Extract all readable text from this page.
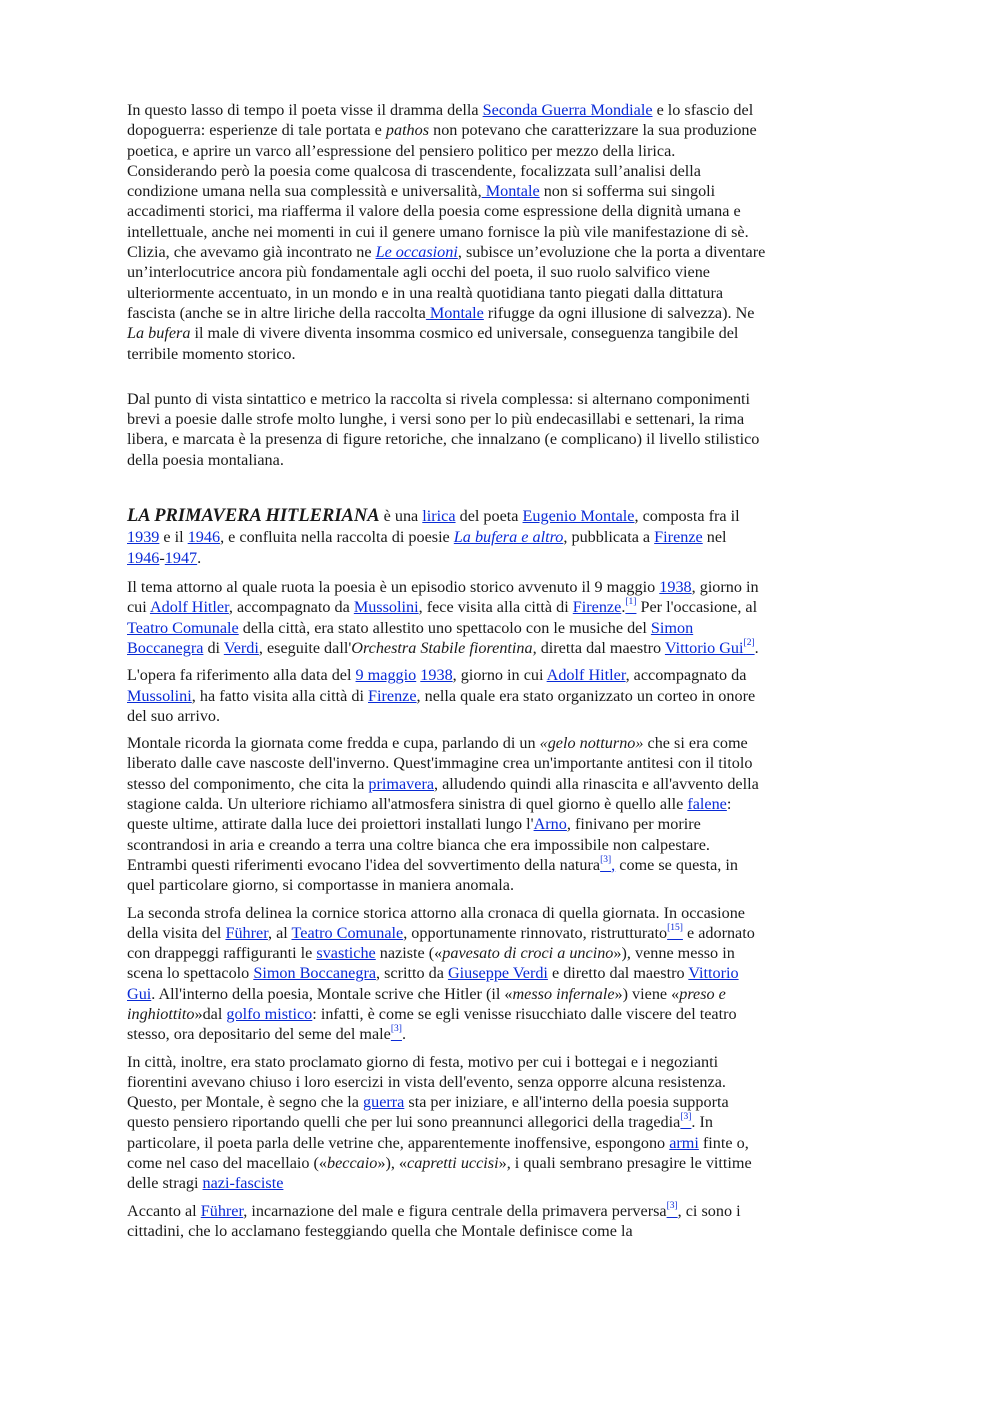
In questo lasso di tempo il poeta visse il dramma della Seconda Guerra Mondiale e lo sfascio del dopoguerra: esperienze di tale portata e pathos non potevano che caratterizzare la sua produzione poetica, e aprire un varco all’espressione del pensiero politico per mezzo della lirica. Considerando però la poesia come qualcosa di trascendente, focalizzata sull’analisi della condizione umana nella sua complessità e universalità, Montale non si sofferma sui singoli accadimenti storici, ma riafferma il valore della poesia come espressione della dignità umana e intellettuale, anche nei momenti in cui il genere umano fornisce la più vile manifestazione di sè. Clizia, che avevamo già incontrato ne Le occasioni, subisce un’evoluzione che la porta a diventare un’interlocutrice ancora più fondamentale agli occhi del poeta, il suo ruolo salvifico viene ulteriormente accentuato, in un mondo e in una realtà quotidiana tanto piegati dalla dittatura fascista (anche se in altre liriche della raccolta Montale rifugge da ogni illusione di salvezza). Ne La bufera il male di vivere diventa insomma cosmico ed universale, conseguenza tangibile del terribile momento storico.

Dal punto di vista sintattico e metrico la raccolta si rivela complessa: si alternano componimenti brevi a poesie dalle strofe molto lunghe, i versi sono per lo più endecasillabi e settenari, la rima libera, e marcata è la presenza di figure retoriche, che innalzano (e complicano) il livello stilistico della poesia montaliana.

LA PRIMAVERA HITLERIANA è una lirica del poeta Eugenio Montale, composta fra il 1939 e il 1946, e confluita nella raccolta di poesie La bufera e altro, pubblicata a Firenze nel 1946-1947.

Il tema attorno al quale ruota la poesia è un episodio storico avvenuto il 9 maggio 1938, giorno in cui Adolf Hitler, accompagnato da Mussolini, fece visita alla città di Firenze.[1] Per l'occasione, al Teatro Comunale della città, era stato allestito uno spettacolo con le musiche del Simon Boccanegra di Verdi, eseguite dall'Orchestra Stabile fiorentina, diretta dal maestro Vittorio Gui[2].

L'opera fa riferimento alla data del 9 maggio 1938, giorno in cui Adolf Hitler, accompagnato da Mussolini, ha fatto visita alla città di Firenze, nella quale era stato organizzato un corteo in onore del suo arrivo.

Montale ricorda la giornata come fredda e cupa, parlando di un «gelo notturno» che si era come liberato dalle cave nascoste dell'inverno. Quest'immagine crea un'importante antitesi con il titolo stesso del componimento, che cita la primavera, alludendo quindi alla rinascita e all'avvento della stagione calda. Un ulteriore richiamo all'atmosfera sinistra di quel giorno è quello alle falene: queste ultime, attirate dalla luce dei proiettori installati lungo l'Arno, finivano per morire scontrandosi in aria e creando a terra una coltre bianca che era impossibile non calpestare. Entrambi questi riferimenti evocano l'idea del sovvertimento della natura[3], come se questa, in quel particolare giorno, si comportasse in maniera anomala.

La seconda strofa delinea la cornice storica attorno alla cronaca di quella giornata. In occasione della visita del Führer, al Teatro Comunale, opportunamente rinnovato, ristrutturato[15] e adornato con drappeggi raffiguranti le svastiche naziste («pavesato di croci a uncino»), venne messo in scena lo spettacolo Simon Boccanegra, scritto da Giuseppe Verdi e diretto dal maestro Vittorio Gui. All'interno della poesia, Montale scrive che Hitler (il «messo infernale») viene «preso e inghiottito»dal golfo mistico: infatti, è come se egli venisse risucchiato dalle viscere del teatro stesso, ora depositario del seme del male[3].

In città, inoltre, era stato proclamato giorno di festa, motivo per cui i bottegai e i negozianti fiorentini avevano chiuso i loro esercizi in vista dell'evento, senza opporre alcuna resistenza. Questo, per Montale, è segno che la guerra sta per iniziare, e all'interno della poesia supporta questo pensiero riportando quelli che per lui sono preannunci allegorici della tragedia[3]. In particolare, il poeta parla delle vetrine che, apparentemente inoffensive, espongono armi finte o, come nel caso del macellaio («beccaio»), «capretti uccisi», i quali sembrano presagire le vittime delle stragi nazi-fasciste

Accanto al Führer, incarnazione del male e figura centrale della primavera perversa[3], ci sono i cittadini, che lo acclamano festeggiando quella che Montale definisce come la
